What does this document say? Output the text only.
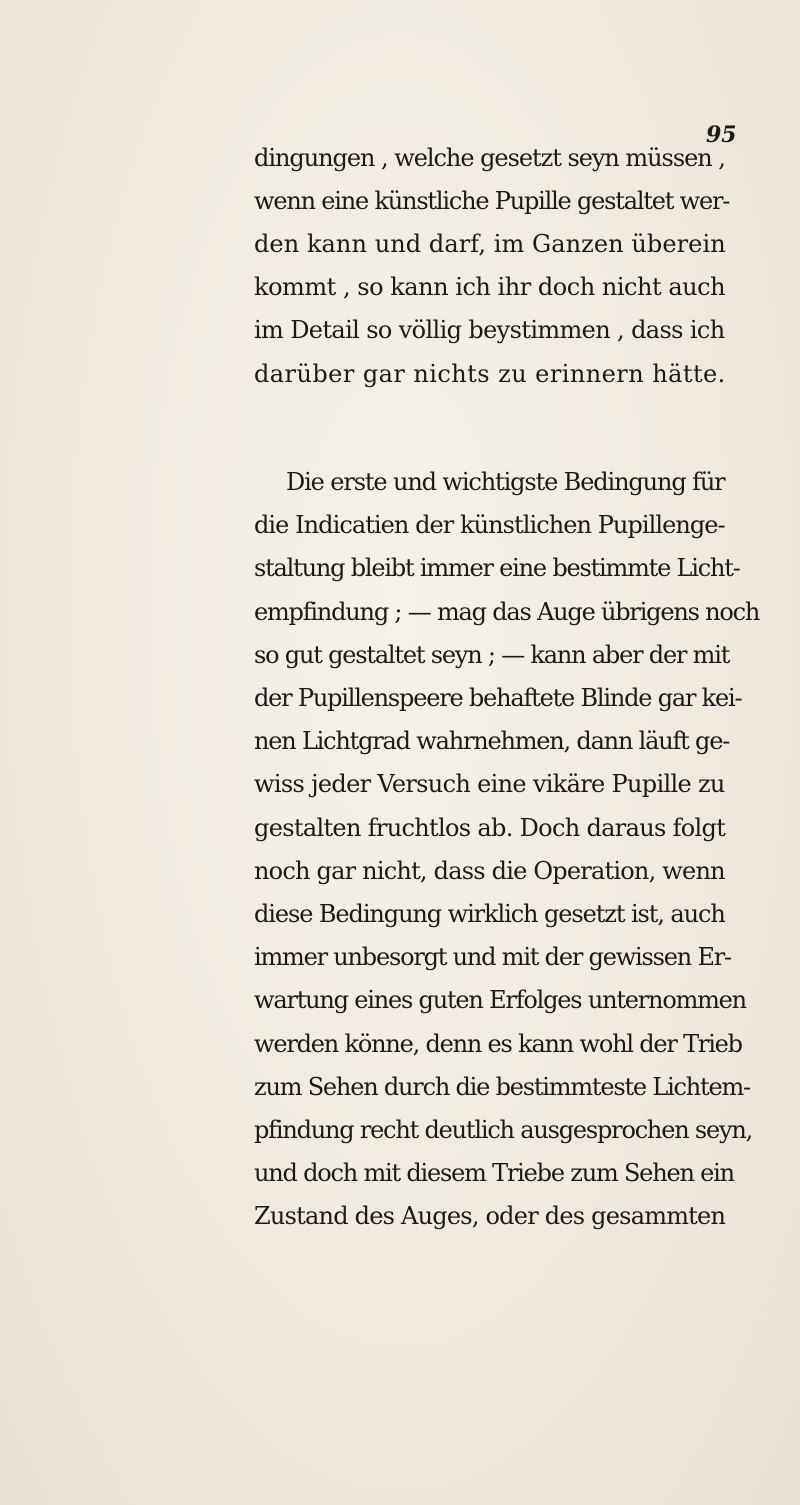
95
dingungen , welche gesetzt seyn müssen ,
wenn eine künstliche Pupille gestaltet wer-
den kann und darf, im Ganzen überein
kommt , so kann ich ihr doch nicht auch
im Detail so völlig beystimmen , dass ich
darüber gar nichts zu erinnern hätte.
Die erste und wichtigste Bedingung für
die Indicatien der künstlichen Pupillenge-
staltung bleibt immer eine bestimmte Licht-
empfindung ; — mag das Auge übrigens noch
so gut gestaltet seyn ; — kann aber der mit
der Pupillenspeere behaftete Blinde gar kei-
nen Lichtgrad wahrnehmen, dann läuft ge-
wiss jeder Versuch eine vikäre Pupille zu
gestalten fruchtlos ab. Doch daraus folgt
noch gar nicht, dass die Operation, wenn
diese Bedingung wirklich gesetzt ist, auch
immer unbesorgt und mit der gewissen Er-
wartung eines guten Erfolges unternommen
werden könne, denn es kann wohl der Trieb
zum Sehen durch die bestimmteste Lichtem-
pfindung recht deutlich ausgesprochen seyn,
und doch mit diesem Triebe zum Sehen ein
Zustand des Auges, oder des gesammten
